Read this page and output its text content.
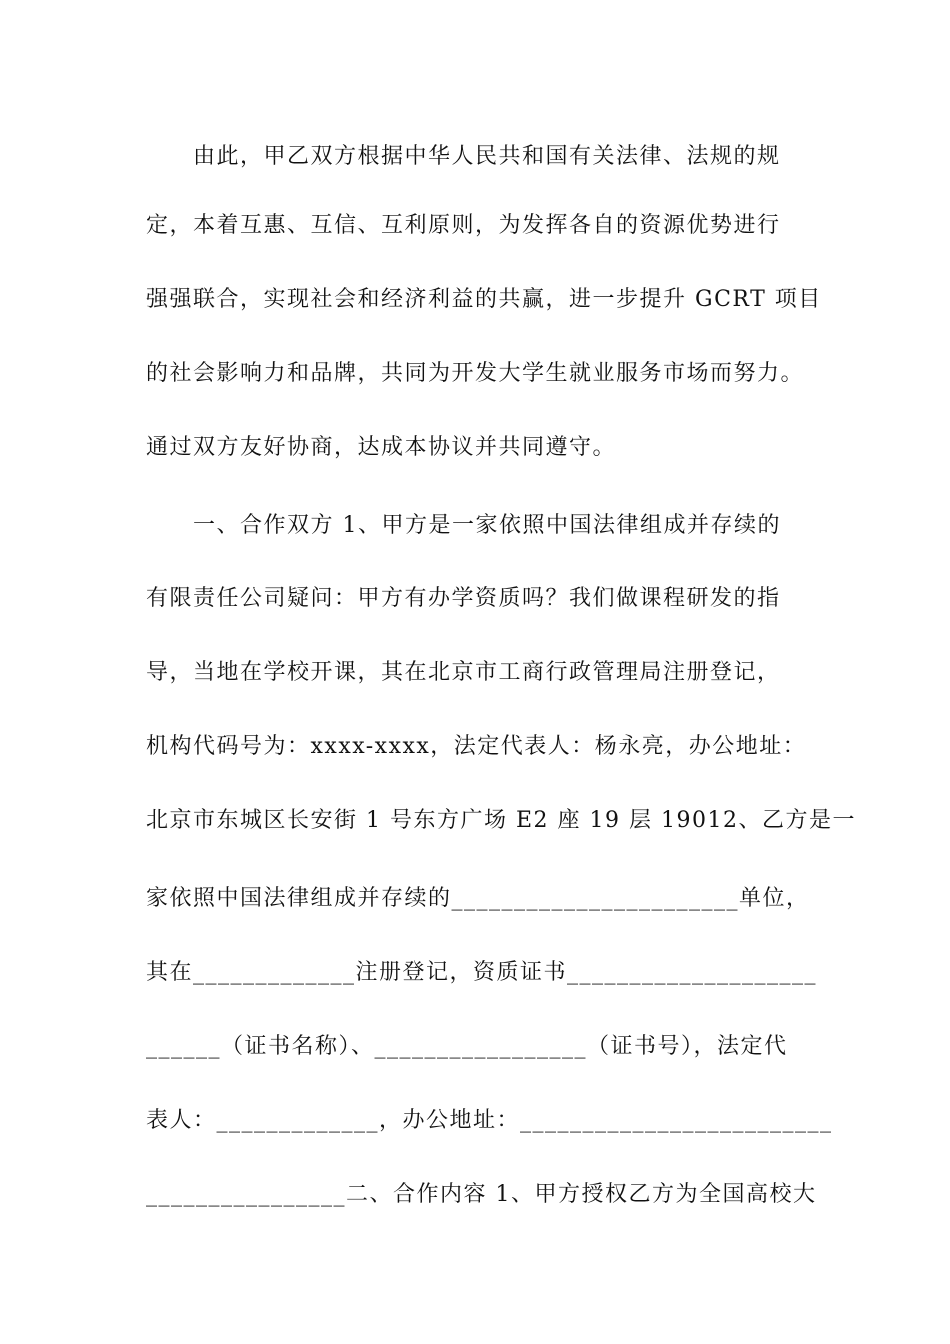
由此，甲乙双方根据中华人民共和国有关法律、法规的规
定，本着互惠、互信、互利原则，为发挥各自的资源优势进行
强强联合，实现社会和经济利益的共赢，进一步提升 GCRT 项目
的社会影响力和品牌，共同为开发大学生就业服务市场而努力。
通过双方友好协商，达成本协议并共同遵守。
一、合作双方 1、甲方是一家依照中国法律组成并存续的
有限责任公司疑问：甲方有办学资质吗？我们做课程研发的指
导，当地在学校开课，其在北京市工商行政管理局注册登记，
机构代码号为：xxxx-xxxx，法定代表人：杨永亮，办公地址：
北京市东城区长安街 1 号东方广场 E2 座 19 层 19012、乙方是一
家依照中国法律组成并存续的_______________________单位，
其在_____________注册登记，资质证书____________________
______（证书名称）、_________________（证书号），法定代
表人：_____________，办公地址：_________________________
________________二、合作内容 1、甲方授权乙方为全国高校大
